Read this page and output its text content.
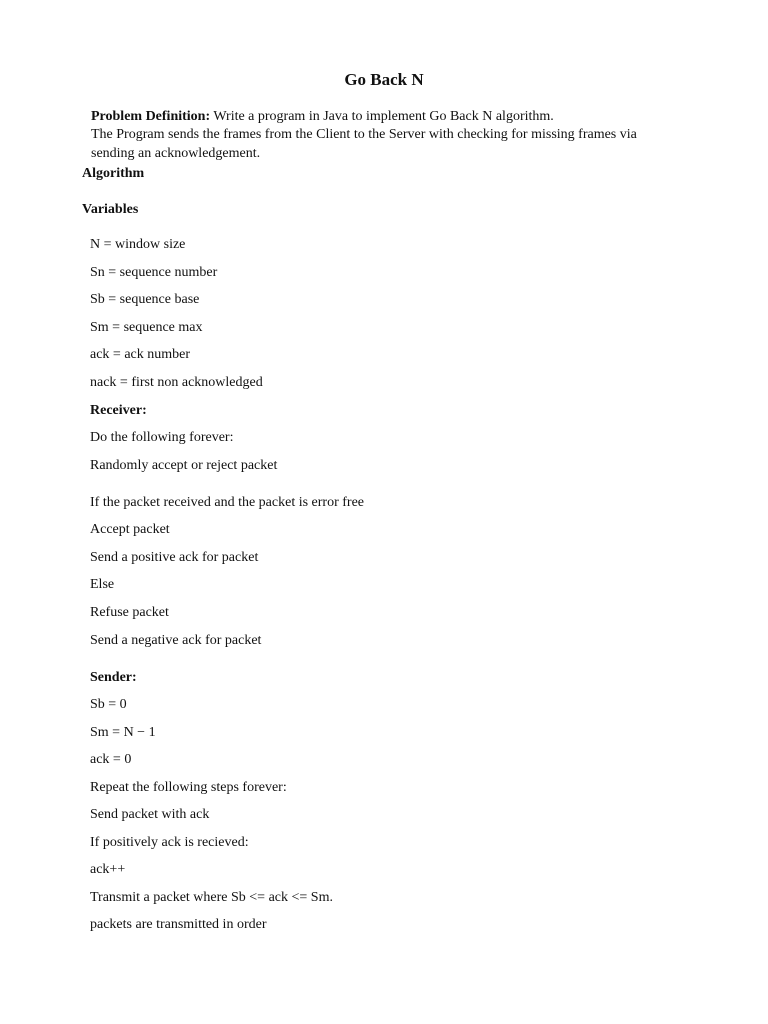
Go Back N
Problem Definition: Write a program in Java to implement Go Back N algorithm.
The Program sends the frames from the Client to the Server with checking for missing frames via
sending an acknowledgement.
Algorithm
Variables
N = window size
Sn = sequence number
Sb = sequence base
Sm = sequence max
ack = ack number
nack = first non acknowledged
Receiver:
Do the following forever:
Randomly accept or reject packet
If the packet received and the packet is error free
Accept packet
Send a positive ack for packet
Else
Refuse packet
Send a negative ack for packet
Sender:
Sb = 0
Sm = N − 1
ack = 0
Repeat the following steps forever:
Send packet with ack
If positively ack is recieved:
ack++
Transmit a packet where Sb <= ack <= Sm.
packets are transmitted in order
